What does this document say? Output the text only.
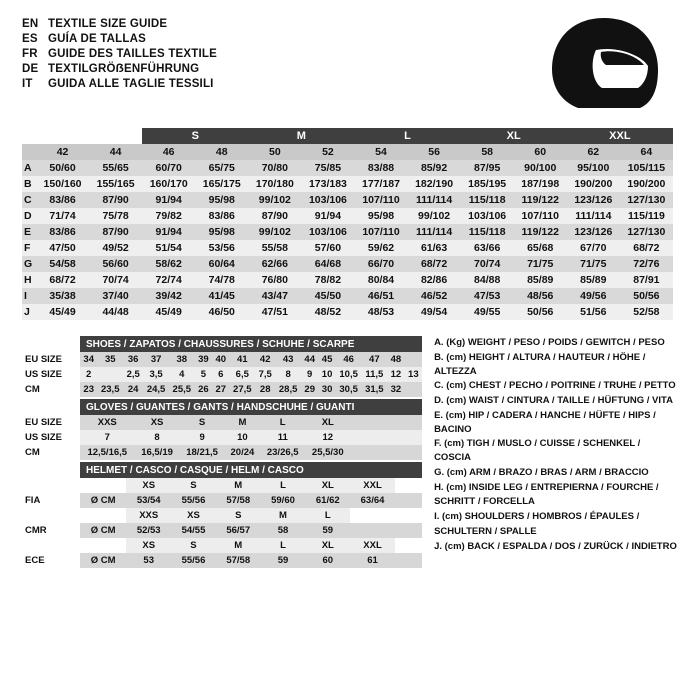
EN TEXTILE SIZE GUIDE
ES GUÍA DE TALLAS
FR GUIDE DES TAILLES TEXTILE
DE TEXTILGRÖẞENFÜHRUNG
IT	GUIDA ALLE TAGLIE TESSILI
			S		M		L		XL		XXL		
	42	44	46	48	50	52	54	56	58	60	62	64	
A	50/60	55/65	60/70	65/75	70/80	75/85	83/88	85/92	87/95	90/100	95/100	105/115	
B	150/160	155/165	160/170	165/175	170/180	173/183	177/187	182/190	185/195	187/198	190/200	190/200	
C	83/86	87/90	91/94	95/98	99/102	103/106	107/110	111/114	115/118	119/122	123/126	127/130	
D	71/74	75/78	79/82	83/86	87/90	91/94	95/98	99/102	103/106	107/110	111/114	115/119	
E	83/86	87/90	91/94	95/98	99/102	103/106	107/110	111/114	115/118	119/122	123/126	127/130	
F	47/50	49/52	51/54	53/56	55/58	57/60	59/62	61/63	63/66	65/68	67/70	68/72	
G	54/58	56/60	58/62	60/64	62/66	64/68	66/70	68/72	70/74	71/75	71/75	72/76	
H	68/72	70/74	72/74	74/78	76/80	78/82	80/84	82/86	84/88	85/89	85/89	87/91	
I	35/38	37/40	39/42	41/45	43/47	45/50	46/51	46/52	47/53	48/56	49/56	50/56	
J	45/49	44/48	45/49	46/50	47/51	48/52	48/53	49/54	49/55	50/56	51/56	52/58	
	SHOES / ZAPATOS / CHAUSSURES / SCHUHE / SCARPE															
EU SIZE	34	35	36	37	38	39	40	41	42	43	44	45	46	47	48	
US SIZE	2		2,5	3,5	4	5	6	6,5	7,5	8	9	10	10,5	11,5	12	13
CM	23	23,5	24	24,5	25,5	26	27	27,5	28	28,5	29	30	30,5	31,5	32	
	GLOVES / GUANTES / GANTS / HANDSCHUHE / GUANTI															
EU SIZE	XXS	XS	S	M	L	XL										
US SIZE	7	8	9	10	11	12										
CM	12,5/16,5	16,5/19	18/21,5	20/24	23/26,5	25,5/30										
	HELMET / CASCO / CASQUE / HELM / CASCO										
		XS	S	M	L	XL	XXL				
FIA	Ø CM	53/54	55/56	57/58	59/60	61/62	63/64				
		XXS	XS	S	M	L					
CMR	Ø CM	52/53	54/55	56/57	58	59					
		XS	S	M	L	XL	XXL				
ECE	Ø CM	53	55/56	57/58	59	60	61				
A. (Kg) WEIGHT / PESO / POIDS / GEWITCH / PESO
B. (cm) HEIGHT / ALTURA / HAUTEUR / HÖHE / ALTEZZA
C. (cm) CHEST / PECHO / POITRINE / TRUHE / PETTO
D. (cm) WAIST / CINTURA / TAILLE / HÜFTUNG / VITA
E. (cm) HIP / CADERA / HANCHE / HÜFTE / HIPS / BACINO
F. (cm) TIGH / MUSLO / CUISSE / SCHENKEL / COSCIA
G. (cm) ARM / BRAZO / BRAS / ARM / BRACCIO
H. (cm) INSIDE LEG / ENTREPIERNA / FOURCHE /
SCHRITT / FORCELLA
I. (cm) SHOULDERS / HOMBROS / ÉPAULES /
SCHULTERN / SPALLE
J. (cm) BACK / ESPALDA / DOS / ZURÜCK / INDIETRO
